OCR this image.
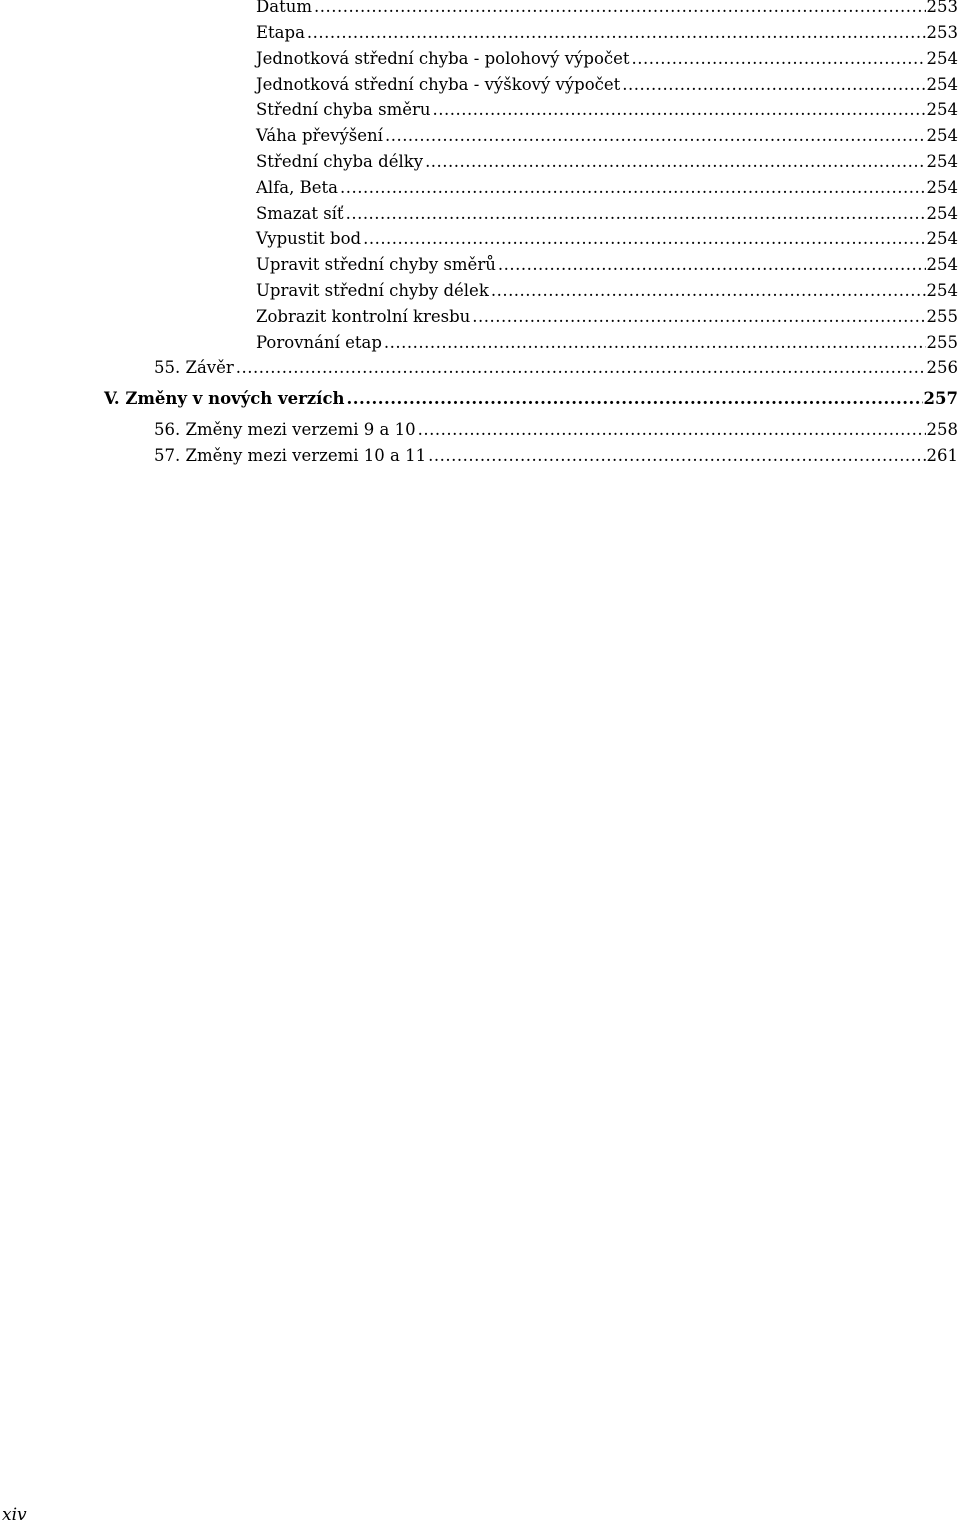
Datum .....	253
Etapa .....	253
Jednotková střední chyba - polohový výpočet .....	254
Jednotková střední chyba - výškový výpočet .....	254
Střední chyba směru .....	254
Váha převýšení .....	254
Střední chyba délky .....	254
Alfa, Beta .....	254
Smazat síť .....	254
Vypustit bod .....	254
Upravit střední chyby směrů .....	254
Upravit střední chyby délek .....	254
Zobrazit kontrolní kresbu .....	255
Porovnání etap .....	255
55. Závěr .....	256
V. Změny v nových verzích .....	257
56. Změny mezi verzemi 9 a 10 .....	258
57. Změny mezi verzemi 10 a 11 .....	261
xiv
